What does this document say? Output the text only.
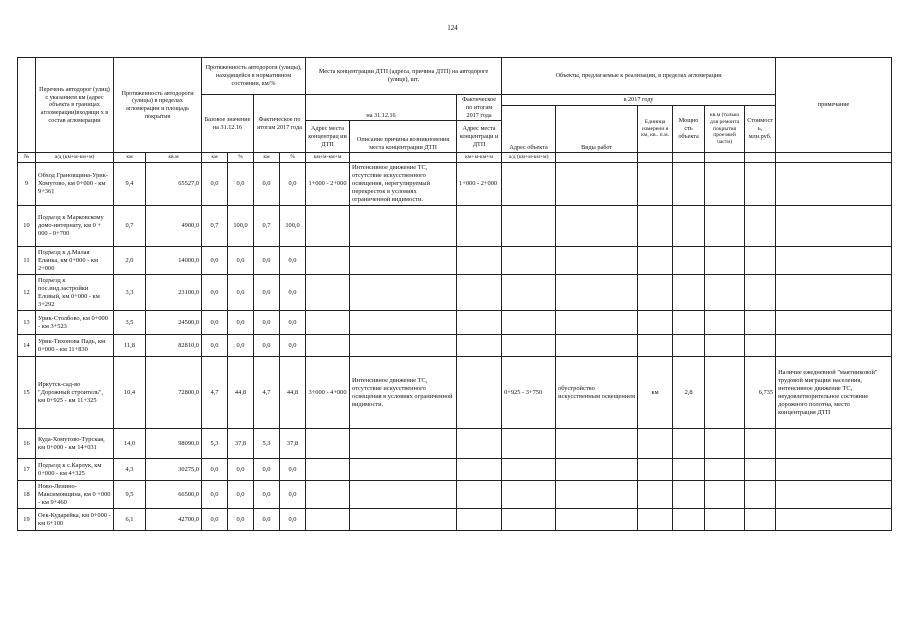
124
	Перечень автодорог (улиц) с указанием км (адрес объекта в границах агломерации)входящи х в состав агломерации	Протяженность автодороги (улицы) в пределах агломерации и площадь покрытия		Протяженность автодороги (улицы), находящейся в нормативном состоянии, км/%				Места концентрации ДТП (адреса, причина ДТП) на автодороге (улице), шт.			Объекты, предлагаемые к реализации, в пределах агломерации						примечание
				Базовое значение на 31.12.16		Фактическое по итогам 2017 года		на 31.12.16		Фактическое по итогам 2017 года	в 2017 году						
											Адрес объекта	Виды работ	Единица измерени я км, кв.. п.м.	Мощно сть объекта	кв.м (только для ремонта покрытия проезжей части)	Стоимост ь, млн.руб.	
								Адрес места концентрац ии ДТП	Описание причины возникновения места концентрации ДТП	Адрес места концентраци и ДТП							
№	а/д (км+м-км+м)	км	кв.м	км	%	км	%	км+м-км+м		км+м-км+м	а/д (км+м-км+м)						
9	Обход Грановщина-Урик-Хомутово, км 0+000 - км 9+361	9,4	65527,0	0,0	0,0	0,0	0,0	1+000 - 2+000	Интенсивное движение ТС, отсутствие искусственного освещения, нерегулируемый перекресток в условиях ограниченной видимости.	1+000 - 2+000							
10	Подъезд к Марковскому домо-интернату, км 0 + 000 - 0+700	0,7	4900,0	0,7	100,0	0,7	100,0										
11	Подъезд к д.Малая Еланка, км 0+000 - км 2+000	2,0	14000,0	0,0	0,0	0,0	0,0										
12	Подъезд к пос.инд.застройки Еловый, км 0+000 - км 3+292	3,3	23100,0	0,0	0,0	0,0	0,0										
13	Урик-Столбово, км 0+000 - км 3+523	3,5	24500,0	0,0	0,0	0,0	0,0										
14	Урик-Тихонова Падь, км 0+000 - км 11+830	11,8	82810,0	0,0	0,0	0,0	0,0										
15	Иркутск-сад-во "Дорожный строитель", км 0+925 - км 11+325	10,4	72800,0	4,7	44,8	4,7	44,8	3+000 - 4+000	Интенсивное движение ТС, отсутствие искусственного освещения в условиях ограниченной видимости.		0+925 - 3+750	обустройство искусственным освещением	км	2,8		6,735	Наличие ежедневной "маятниковой" трудовой миграции населения, интенсивное движение ТС, неудовлетворительное состояние дорожного полотна, место концентрация ДТП
16	Куда-Хомутово-Турская, км 0+000 - км 14+031	14,0	98090,0	5,3	37,8	5,3	37,8										
17	Подъезд к с.Карлук, км 0+000 - км 4+325	4,3	30275,0	0,0	0,0	0,0	0,0										
18	Ново-Ленино-Максимовщина, км 0 +000 - км 9+460	9,5	66500,0	0,0	0,0	0,0	0,0										
19	Оек-Кударейка, км 0+000 - км 6+100	6,1	42700,0	0,0	0,0	0,0	0,0										
